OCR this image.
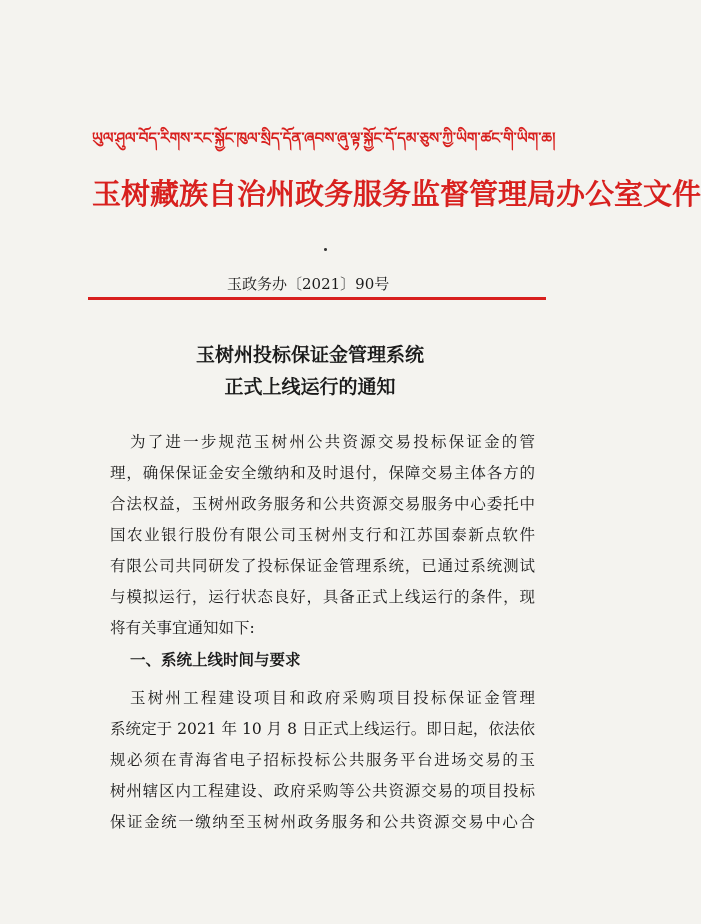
ཡུལ་ཤུལ་བོད་རིགས་རང་སྐྱོང་ཁུལ་སྲིད་དོན་ཞབས་ཞུ་ལྟ་སྐྱོང་དོ་དམ་ཅུས་ཀྱི་ཡིག་ཚང་གི་ཡིག་ཆ།
玉树藏族自治州政务服务监督管理局办公室文件
玉政务办〔2021〕90号
玉树州投标保证金管理系统
正式上线运行的通知
为了进一步规范玉树州公共资源交易投标保证金的管
理，确保保证金安全缴纳和及时退付，保障交易主体各方的
合法权益，玉树州政务服务和公共资源交易服务中心委托中
国农业银行股份有限公司玉树州支行和江苏国泰新点软件
有限公司共同研发了投标保证金管理系统，已通过系统测试
与模拟运行，运行状态良好，具备正式上线运行的条件，现
将有关事宜通知如下:
一、系统上线时间与要求
玉树州工程建设项目和政府采购项目投标保证金管理
系统定于 2021 年 10 月 8 日正式上线运行。即日起，依法依
规必须在青海省电子招标投标公共服务平台进场交易的玉
树州辖区内工程建设、政府采购等公共资源交易的项目投标
保证金统一缴纳至玉树州政务服务和公共资源交易中心合
